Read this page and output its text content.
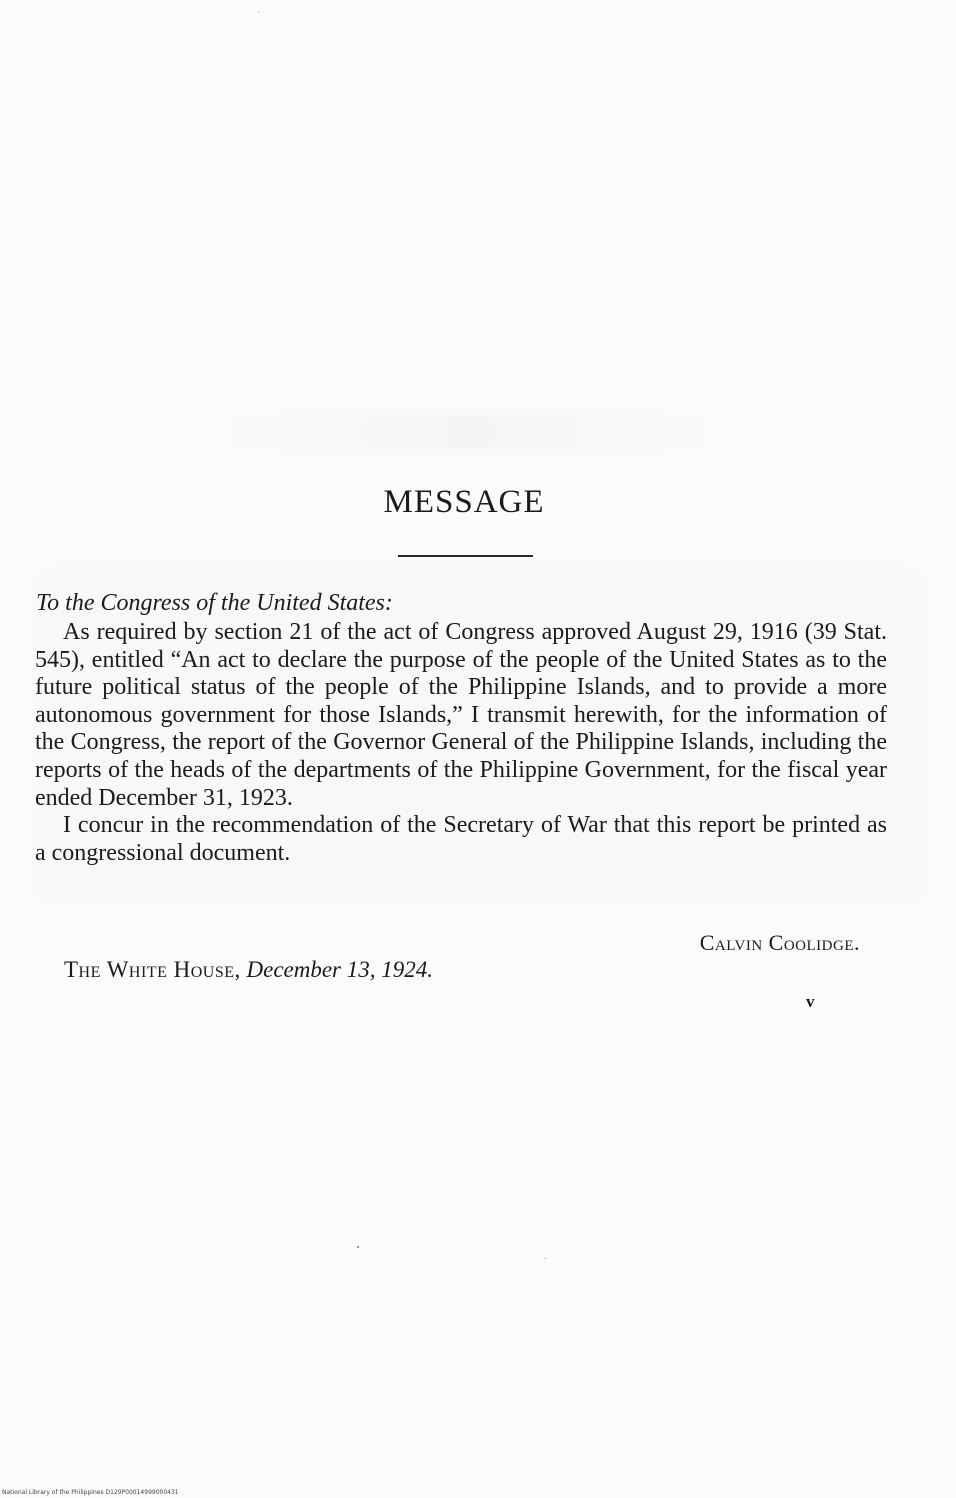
MESSAGE

To the Congress of the United States:

As required by section 21 of the act of Congress approved August 29, 1916 (39 Stat. 545), entitled “An act to declare the purpose of the people of the United States as to the future political status of the people of the Philippine Islands, and to provide a more autonomous government for those Islands,” I transmit herewith, for the information of the Congress, the report of the Governor General of the Philippine Islands, including the reports of the heads of the departments of the Philippine Government, for the fiscal year ended December 31, 1923.

I concur in the recommendation of the Secretary of War that this report be printed as a congressional document.

Calvin Coolidge.

The White House, December 13, 1924.

v

National Library of the Philippines D129P00014999000431
